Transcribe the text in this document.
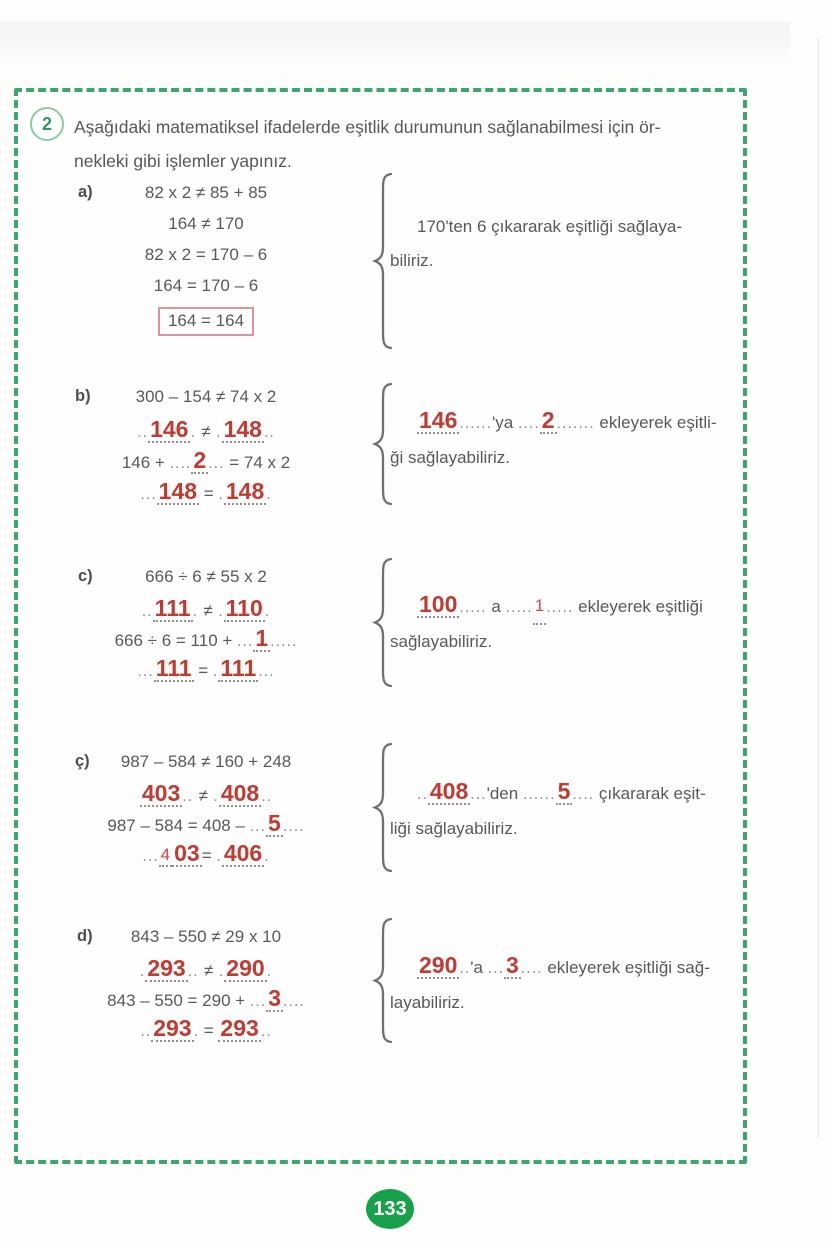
2	Aşağıdaki matematiksel ifadelerde eşitlik durumunun sağlanabilmesi için ör-
nekleki gibi işlemler yapınız.
a)	82 x 2 ≠ 85 + 85
164 ≠ 170
82 x 2 = 170 – 6
164 = 170 – 6
164 = 164
170'ten 6 çıkararak eşitliği sağlaya-
biliriz.
b)	300 – 154 ≠ 74 x 2
..146 . ≠ .148 ..
146 + ....2 ... = 74 x 2
...148 = .148 .
146 ......'ya ....2 ....... ekleyerek eşitli-
ği sağlayabiliriz.
c)	666 ÷ 6 ≠ 55 x 2
..111 . ≠ .110 .
666 ÷ 6 = 110 + ...1 .....
...111 = .111 ...
100 ..... a ..... 1 ..... ekleyerek eşitliği
sağlayabiliriz.
ç)	987 – 584 ≠ 160 + 248
403 .. ≠ .408 ..
987 – 584 = 408 – ...5 ....
... 4 03 = .406 .
..408 ...'den ......5 .... çıkararak eşit-
liği sağlayabiliriz.
d)	843 – 550 ≠ 29 x 10
.293 .. ≠ .290 .
843 – 550 = 290 + ...3 ....
..293 . = 293 ..
290 ..'a ...3 .... ekleyerek eşitliği sağ-
layabiliriz.
133
